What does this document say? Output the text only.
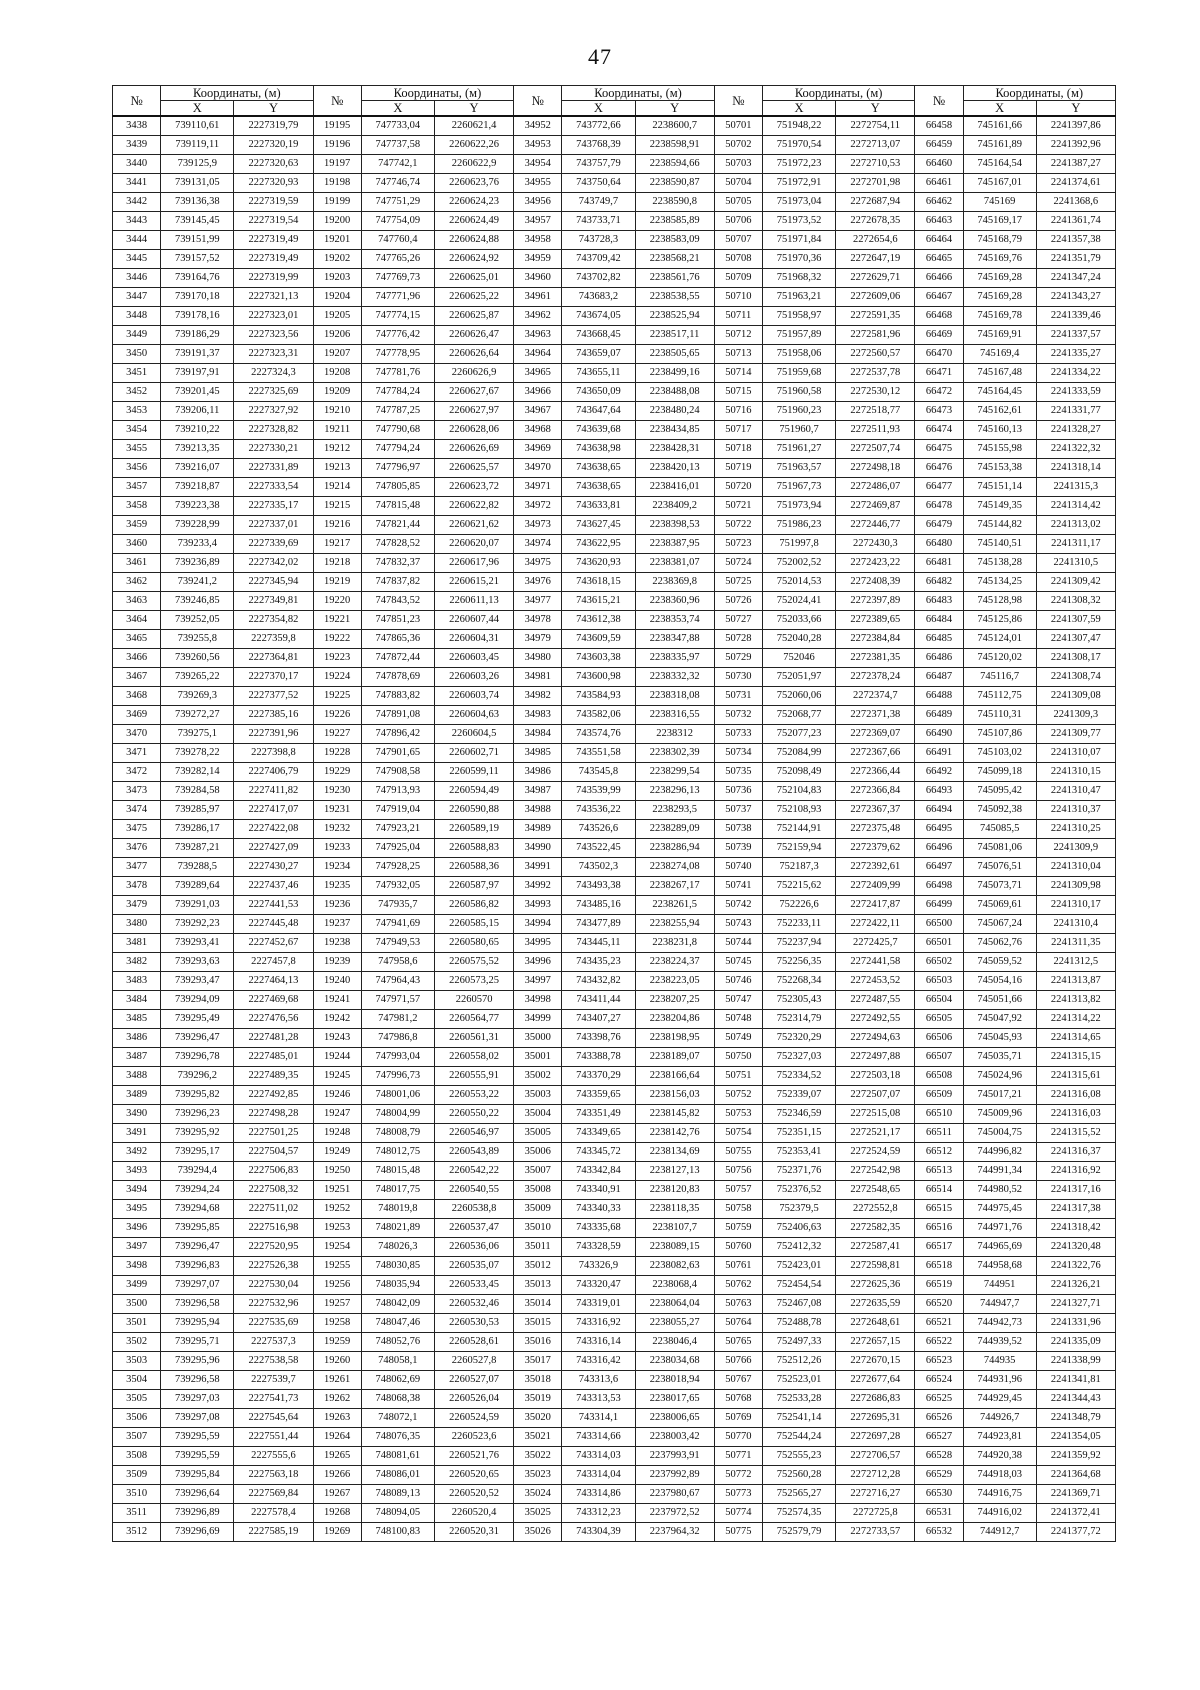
47
№	Координаты, (м)		№	Координаты, (м)		№	Координаты, (м)		№	Координаты, (м)		№	Координаты, (м)	
	X	Y		X	Y		X	Y		X	Y		X	Y
3438	739110,61	2227319,79	19195	747733,04	2260621,4	34952	743772,66	2238600,7	50701	751948,22	2272754,11	66458	745161,66	2241397,86
3439	739119,11	2227320,19	19196	747737,58	2260622,26	34953	743768,39	2238598,91	50702	751970,54	2272713,07	66459	745161,89	2241392,96
3440	739125,9	2227320,63	19197	747742,1	2260622,9	34954	743757,79	2238594,66	50703	751972,23	2272710,53	66460	745164,54	2241387,27
3441	739131,05	2227320,93	19198	747746,74	2260623,76	34955	743750,64	2238590,87	50704	751972,91	2272701,98	66461	745167,01	2241374,61
3442	739136,38	2227319,59	19199	747751,29	2260624,23	34956	743749,7	2238590,8	50705	751973,04	2272687,94	66462	745169	2241368,6
3443	739145,45	2227319,54	19200	747754,09	2260624,49	34957	743733,71	2238585,89	50706	751973,52	2272678,35	66463	745169,17	2241361,74
3444	739151,99	2227319,49	19201	747760,4	2260624,88	34958	743728,3	2238583,09	50707	751971,84	2272654,6	66464	745168,79	2241357,38
3445	739157,52	2227319,49	19202	747765,26	2260624,92	34959	743709,42	2238568,21	50708	751970,36	2272647,19	66465	745169,76	2241351,79
3446	739164,76	2227319,99	19203	747769,73	2260625,01	34960	743702,82	2238561,76	50709	751968,32	2272629,71	66466	745169,28	2241347,24
3447	739170,18	2227321,13	19204	747771,96	2260625,22	34961	743683,2	2238538,55	50710	751963,21	2272609,06	66467	745169,28	2241343,27
3448	739178,16	2227323,01	19205	747774,15	2260625,87	34962	743674,05	2238525,94	50711	751958,97	2272591,35	66468	745169,78	2241339,46
3449	739186,29	2227323,56	19206	747776,42	2260626,47	34963	743668,45	2238517,11	50712	751957,89	2272581,96	66469	745169,91	2241337,57
3450	739191,37	2227323,31	19207	747778,95	2260626,64	34964	743659,07	2238505,65	50713	751958,06	2272560,57	66470	745169,4	2241335,27
3451	739197,91	2227324,3	19208	747781,76	2260626,9	34965	743655,11	2238499,16	50714	751959,68	2272537,78	66471	745167,48	2241334,22
3452	739201,45	2227325,69	19209	747784,24	2260627,67	34966	743650,09	2238488,08	50715	751960,58	2272530,12	66472	745164,45	2241333,59
3453	739206,11	2227327,92	19210	747787,25	2260627,97	34967	743647,64	2238480,24	50716	751960,23	2272518,77	66473	745162,61	2241331,77
3454	739210,22	2227328,82	19211	747790,68	2260628,06	34968	743639,68	2238434,85	50717	751960,7	2272511,93	66474	745160,13	2241328,27
3455	739213,35	2227330,21	19212	747794,24	2260626,69	34969	743638,98	2238428,31	50718	751961,27	2272507,74	66475	745155,98	2241322,32
3456	739216,07	2227331,89	19213	747796,97	2260625,57	34970	743638,65	2238420,13	50719	751963,57	2272498,18	66476	745153,38	2241318,14
3457	739218,87	2227333,54	19214	747805,85	2260623,72	34971	743638,65	2238416,01	50720	751967,73	2272486,07	66477	745151,14	2241315,3
3458	739223,38	2227335,17	19215	747815,48	2260622,82	34972	743633,81	2238409,2	50721	751973,94	2272469,87	66478	745149,35	2241314,42
3459	739228,99	2227337,01	19216	747821,44	2260621,62	34973	743627,45	2238398,53	50722	751986,23	2272446,77	66479	745144,82	2241313,02
3460	739233,4	2227339,69	19217	747828,52	2260620,07	34974	743622,95	2238387,95	50723	751997,8	2272430,3	66480	745140,51	2241311,17
3461	739236,89	2227342,02	19218	747832,37	2260617,96	34975	743620,93	2238381,07	50724	752002,52	2272423,22	66481	745138,28	2241310,5
3462	739241,2	2227345,94	19219	747837,82	2260615,21	34976	743618,15	2238369,8	50725	752014,53	2272408,39	66482	745134,25	2241309,42
3463	739246,85	2227349,81	19220	747843,52	2260611,13	34977	743615,21	2238360,96	50726	752024,41	2272397,89	66483	745128,98	2241308,32
3464	739252,05	2227354,82	19221	747851,23	2260607,44	34978	743612,38	2238353,74	50727	752033,66	2272389,65	66484	745125,86	2241307,59
3465	739255,8	2227359,8	19222	747865,36	2260604,31	34979	743609,59	2238347,88	50728	752040,28	2272384,84	66485	745124,01	2241307,47
3466	739260,56	2227364,81	19223	747872,44	2260603,45	34980	743603,38	2238335,97	50729	752046	2272381,35	66486	745120,02	2241308,17
3467	739265,22	2227370,17	19224	747878,69	2260603,26	34981	743600,98	2238332,32	50730	752051,97	2272378,24	66487	745116,7	2241308,74
3468	739269,3	2227377,52	19225	747883,82	2260603,74	34982	743584,93	2238318,08	50731	752060,06	2272374,7	66488	745112,75	2241309,08
3469	739272,27	2227385,16	19226	747891,08	2260604,63	34983	743582,06	2238316,55	50732	752068,77	2272371,38	66489	745110,31	2241309,3
3470	739275,1	2227391,96	19227	747896,42	2260604,5	34984	743574,76	2238312	50733	752077,23	2272369,07	66490	745107,86	2241309,77
3471	739278,22	2227398,8	19228	747901,65	2260602,71	34985	743551,58	2238302,39	50734	752084,99	2272367,66	66491	745103,02	2241310,07
3472	739282,14	2227406,79	19229	747908,58	2260599,11	34986	743545,8	2238299,54	50735	752098,49	2272366,44	66492	745099,18	2241310,15
3473	739284,58	2227411,82	19230	747913,93	2260594,49	34987	743539,99	2238296,13	50736	752104,83	2272366,84	66493	745095,42	2241310,47
3474	739285,97	2227417,07	19231	747919,04	2260590,88	34988	743536,22	2238293,5	50737	752108,93	2272367,37	66494	745092,38	2241310,37
3475	739286,17	2227422,08	19232	747923,21	2260589,19	34989	743526,6	2238289,09	50738	752144,91	2272375,48	66495	745085,5	2241310,25
3476	739287,21	2227427,09	19233	747925,04	2260588,83	34990	743522,45	2238286,94	50739	752159,94	2272379,62	66496	745081,06	2241309,9
3477	739288,5	2227430,27	19234	747928,25	2260588,36	34991	743502,3	2238274,08	50740	752187,3	2272392,61	66497	745076,51	2241310,04
3478	739289,64	2227437,46	19235	747932,05	2260587,97	34992	743493,38	2238267,17	50741	752215,62	2272409,99	66498	745073,71	2241309,98
3479	739291,03	2227441,53	19236	747935,7	2260586,82	34993	743485,16	2238261,5	50742	752226,6	2272417,87	66499	745069,61	2241310,17
3480	739292,23	2227445,48	19237	747941,69	2260585,15	34994	743477,89	2238255,94	50743	752233,11	2272422,11	66500	745067,24	2241310,4
3481	739293,41	2227452,67	19238	747949,53	2260580,65	34995	743445,11	2238231,8	50744	752237,94	2272425,7	66501	745062,76	2241311,35
3482	739293,63	2227457,8	19239	747958,6	2260575,52	34996	743435,23	2238224,37	50745	752256,35	2272441,58	66502	745059,52	2241312,5
3483	739293,47	2227464,13	19240	747964,43	2260573,25	34997	743432,82	2238223,05	50746	752268,34	2272453,52	66503	745054,16	2241313,87
3484	739294,09	2227469,68	19241	747971,57	2260570	34998	743411,44	2238207,25	50747	752305,43	2272487,55	66504	745051,66	2241313,82
3485	739295,49	2227476,56	19242	747981,2	2260564,77	34999	743407,27	2238204,86	50748	752314,79	2272492,55	66505	745047,92	2241314,22
3486	739296,47	2227481,28	19243	747986,8	2260561,31	35000	743398,76	2238198,95	50749	752320,29	2272494,63	66506	745045,93	2241314,65
3487	739296,78	2227485,01	19244	747993,04	2260558,02	35001	743388,78	2238189,07	50750	752327,03	2272497,88	66507	745035,71	2241315,15
3488	739296,2	2227489,35	19245	747996,73	2260555,91	35002	743370,29	2238166,64	50751	752334,52	2272503,18	66508	745024,96	2241315,61
3489	739295,82	2227492,85	19246	748001,06	2260553,22	35003	743359,65	2238156,03	50752	752339,07	2272507,07	66509	745017,21	2241316,08
3490	739296,23	2227498,28	19247	748004,99	2260550,22	35004	743351,49	2238145,82	50753	752346,59	2272515,08	66510	745009,96	2241316,03
3491	739295,92	2227501,25	19248	748008,79	2260546,97	35005	743349,65	2238142,76	50754	752351,15	2272521,17	66511	745004,75	2241315,52
3492	739295,17	2227504,57	19249	748012,75	2260543,89	35006	743345,72	2238134,69	50755	752353,41	2272524,59	66512	744996,82	2241316,37
3493	739294,4	2227506,83	19250	748015,48	2260542,22	35007	743342,84	2238127,13	50756	752371,76	2272542,98	66513	744991,34	2241316,92
3494	739294,24	2227508,32	19251	748017,75	2260540,55	35008	743340,91	2238120,83	50757	752376,52	2272548,65	66514	744980,52	2241317,16
3495	739294,68	2227511,02	19252	748019,8	2260538,8	35009	743340,33	2238118,35	50758	752379,5	2272552,8	66515	744975,45	2241317,38
3496	739295,85	2227516,98	19253	748021,89	2260537,47	35010	743335,68	2238107,7	50759	752406,63	2272582,35	66516	744971,76	2241318,42
3497	739296,47	2227520,95	19254	748026,3	2260536,06	35011	743328,59	2238089,15	50760	752412,32	2272587,41	66517	744965,69	2241320,48
3498	739296,83	2227526,38	19255	748030,85	2260535,07	35012	743326,9	2238082,63	50761	752423,01	2272598,81	66518	744958,68	2241322,76
3499	739297,07	2227530,04	19256	748035,94	2260533,45	35013	743320,47	2238068,4	50762	752454,54	2272625,36	66519	744951	2241326,21
3500	739296,58	2227532,96	19257	748042,09	2260532,46	35014	743319,01	2238064,04	50763	752467,08	2272635,59	66520	744947,7	2241327,71
3501	739295,94	2227535,69	19258	748047,46	2260530,53	35015	743316,92	2238055,27	50764	752488,78	2272648,61	66521	744942,73	2241331,96
3502	739295,71	2227537,3	19259	748052,76	2260528,61	35016	743316,14	2238046,4	50765	752497,33	2272657,15	66522	744939,52	2241335,09
3503	739295,96	2227538,58	19260	748058,1	2260527,8	35017	743316,42	2238034,68	50766	752512,26	2272670,15	66523	744935	2241338,99
3504	739296,58	2227539,7	19261	748062,69	2260527,07	35018	743313,6	2238018,94	50767	752523,01	2272677,64	66524	744931,96	2241341,81
3505	739297,03	2227541,73	19262	748068,38	2260526,04	35019	743313,53	2238017,65	50768	752533,28	2272686,83	66525	744929,45	2241344,43
3506	739297,08	2227545,64	19263	748072,1	2260524,59	35020	743314,1	2238006,65	50769	752541,14	2272695,31	66526	744926,7	2241348,79
3507	739295,59	2227551,44	19264	748076,35	2260523,6	35021	743314,66	2238003,42	50770	752544,24	2272697,28	66527	744923,81	2241354,05
3508	739295,59	2227555,6	19265	748081,61	2260521,76	35022	743314,03	2237993,91	50771	752555,23	2272706,57	66528	744920,38	2241359,92
3509	739295,84	2227563,18	19266	748086,01	2260520,65	35023	743314,04	2237992,89	50772	752560,28	2272712,28	66529	744918,03	2241364,68
3510	739296,64	2227569,84	19267	748089,13	2260520,52	35024	743314,86	2237980,67	50773	752565,27	2272716,27	66530	744916,75	2241369,71
3511	739296,89	2227578,4	19268	748094,05	2260520,4	35025	743312,23	2237972,52	50774	752574,35	2272725,8	66531	744916,02	2241372,41
3512	739296,69	2227585,19	19269	748100,83	2260520,31	35026	743304,39	2237964,32	50775	752579,79	2272733,57	66532	744912,7	2241377,72
